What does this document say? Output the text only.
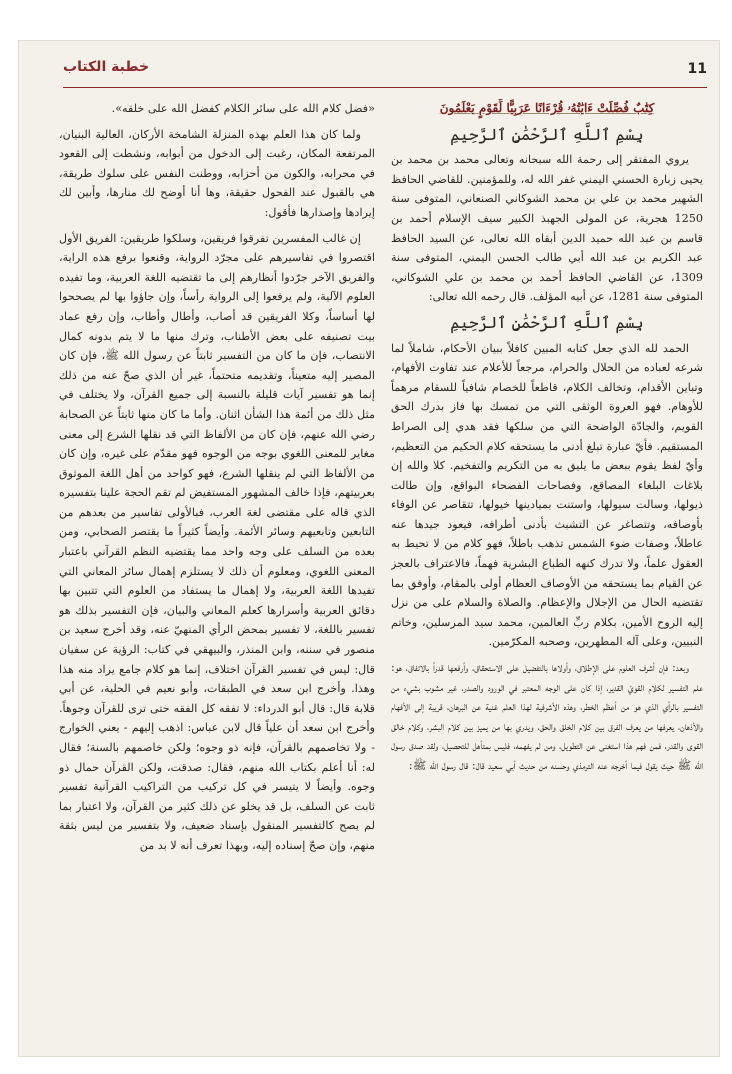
11
خطبة الكتاب

كِتَٰبٌ فُصِّلَتْ ءَايَٰتُهُۥ قُرْءَانًا عَرَبِيًّا لِّقَوْمٍ يَعْلَمُونَ

بِسْمِ ٱللَّهِ ٱلرَّحْمَٰنِ ٱلرَّحِيمِ

يروي المفتقر إلى رحمة الله سبحانه وتعالى محمد بن محمد بن يحيى زبارة الحسني اليمني غفر الله له، وللمؤمنين. للقاضي الحافظ الشهير محمد بن علي بن محمد الشوكاني الصنعاني، المتوفى سنة 1250 هجرية، عن المولى الجهبذ الكبير سيف الإسلام أحمد بن قاسم بن عبد الله حميد الدين أبقاه الله تعالى، عن السيد الحافظ عبد الكريم بن عبد الله أبي طالب الحسن اليمني، المتوفى سنة 1309، عن القاضي الحافظ أحمد بن محمد بن علي الشوكاني، المتوفى سنة 1281، عن أبيه المؤلف. قال رحمه الله تعالى:

بِسْمِ ٱللَّهِ ٱلرَّحْمَٰنِ ٱلرَّحِيمِ

الحمد لله الذي جعل كتابه المبين كافلاً ببيان الأحكام، شاملاً لما شرعه لعباده من الحلال والحرام، مرجعاً للأعلام عند تفاوت الأفهام، وتباين الأقدام، وتخالف الكلام، قاطعاً للخصام شافياً للسقام مرهماً للأوهام. فهو العروة الوثقى التي من تمسك بها فاز بدرك الحق القويم، والجادّة الواضحة التي من سلكها فقد هدي إلى الصراط المستقيم. فأيّ عبارة تبلغ أدنى ما يستحقه كلام الحكيم من التعظيم، وأيّ لفظ يقوم ببعض ما يليق به من التكريم والتفخيم. كلا والله إن بلاغات البلغاء المصاقع، وفصاحات الفصحاء البواقع، وإن طالت ذيولها، وسالت سيولها، واستنت بميادينها خيولها، تتقاصر عن الوفاء بأوصافه، وتتصاغر عن التشبث بأدنى أطرافه، فيعود جيدها عنه عاطلاً، وصفات ضوء الشمس تذهب باطلاً، فهو كلام من لا تحيط به العقول علماً، ولا تدرك كنهه الطباع البشرية فهماً، فالاعتراف بالعجز عن القيام بما يستحقه من الأوصاف العظام أولى بالمقام، وأوفق بما تقتضيه الحال من الإجلال والإعظام. والصلاة والسلام على من نزل إليه الروح الأمين، بكلام ربِّ العالمين، محمد سيد المرسلين، وخاتم النبيين، وعلى آله المطهرين، وصحبه المكرّمين.

وبعد: فإن أشرف العلوم على الإطلاق، وأولاها بالتفضيل على الاستحقاق، وأرفعها قدراً بالاتفاق، هو: علم التفسير لكلام القويّ القدير، إذا كان على الوجه المعتبر في الورود والصدر، غير مشوب بشيء من التفسير بالرأي الذي هو من أعظم الخطر، وهذه الأشرفية لهذا العلم غنية عن البرهان، قريبة إلى الأفهام والأذهان، يعرفها من يعرف الفرق بين كلام الخلق والحق، ويدري بها من يميز بين كلام البشر، وكلام خالق القوى والقدر، فمن فهم هذا استغنى عن التطويل، ومن لم يفهمه، فليس بمتأهل للتحصيل، ولقد صدق رسول الله ﷺ حيث يقول فيما أخرجه عنه الترمذي وحسنه من حديث أبي سعيد قال: قال رسول الله ﷺ:

«فضل كلام الله على سائر الكلام كفضل الله على خلقه».

ولما كان هذا العلم بهذه المنزلة الشامخة الأركان، العالية البنيان، المرتفعة المكان، رغبت إلى الدخول من أبوابه، ونشطت إلى القعود في محرابه، والكون من أحزابه، ووطنت النفس على سلوك طريقة، هي بالقبول عند الفحول حقيقة، وها أنا أوضح لك منارها، وأبين لك إيرادها وإصدارها فأقول:

إن غالب المفسرين تفرقوا فريقين، وسلكوا طريقين: الفريق الأول اقتصروا في تفاسيرهم على مجرّد الرواية، وقنعوا برفع هذه الراية، والفريق الآخر جرّدوا أنظارهم إلى ما تقتضيه اللغة العربية، وما تفيده العلوم الآلية، ولم يرفعوا إلى الرواية رأساً، وإن جاؤوا بها لم يصححوا لها أساساً، وكلا الفريقين قد أصاب، وأطال وأطاب، وإن رفع عماد بيت تصنيفه على بعض الأطناب، وترك منها ما لا يتم بدونه كمال الانتصاب، فإن ما كان من التفسير ثابتاً عن رسول الله ﷺ، فإن كان المصير إليه متعيناً، وتقديمه متحتماً، غير أن الذي صحّ عنه من ذلك إنما هو تفسير آيات قليلة بالنسبة إلى جميع القرآن، ولا يختلف في مثل ذلك من أئمة هذا الشأن اثنان. وأما ما كان منها ثابتاً عن الصحابة رضي الله عنهم، فإن كان من الألفاظ التي قد نقلها الشرع إلى معنى مغاير للمعنى اللغوي بوجه من الوجوه فهو مقدّم على غيره، وإن كان من الألفاظ التي لم ينقلها الشرع، فهو كواحد من أهل اللغة الموثوق بعربيتهم، فإذا خالف المشهور المستفيض لم تقم الحجة علينا بتفسيره الذي قاله على مقتضى لغة العرب، فبالأولى تفاسير من بعدهم من التابعين وتابعيهم وسائر الأئمة. وأيضاً كثيراً ما يقتصر الصحابي، ومن بعده من السلف على وجه واحد مما يقتضيه النظم القرآني باعتبار المعنى اللغوي، ومعلوم أن ذلك لا يستلزم إهمال سائر المعاني التي تفيدها اللغة العربية، ولا إهمال ما يستفاد من العلوم التي تتبين بها دقائق العربية وأسرارها كعلم المعاني والبيان، فإن التفسير بذلك هو تفسير باللغة، لا تفسير بمحض الرأي المنهيّ عنه، وقد أخرج سعيد بن منصور في سننه، وابن المنذر، والبيهقي في كتاب: الرؤية عن سفيان قال: ليس في تفسير القرآن اختلاف، إنما هو كلام جامع يراد منه هذا وهذا. وأخرج ابن سعد في الطبقات، وأبو نعيم في الحلية، عن أبي قلابة قال: قال أبو الدرداء: لا تفقه كل الفقه حتى ترى للقرآن وجوهاً. وأخرج ابن سعد أن علياً قال لابن عباس: اذهب إليهم - يعني الخوارج - ولا تخاصمهم بالقرآن، فإنه ذو وجوه؛ ولكن خاصمهم بالسنة؛ فقال له: أنا أعلم بكتاب الله منهم، فقال: صدقت، ولكن القرآن حمال ذو وجوه. وأيضاً لا يتيسر في كل تركيب من التراكيب القرآنية تفسير ثابت عن السلف، بل قد يخلو عن ذلك كثير من القرآن، ولا اعتبار بما لم يصح كالتفسير المنقول بإسناد ضعيف، ولا بتفسير من ليس بثقة منهم، وإن صحّ إسناده إليه، وبهذا تعرف أنه لا بد من
